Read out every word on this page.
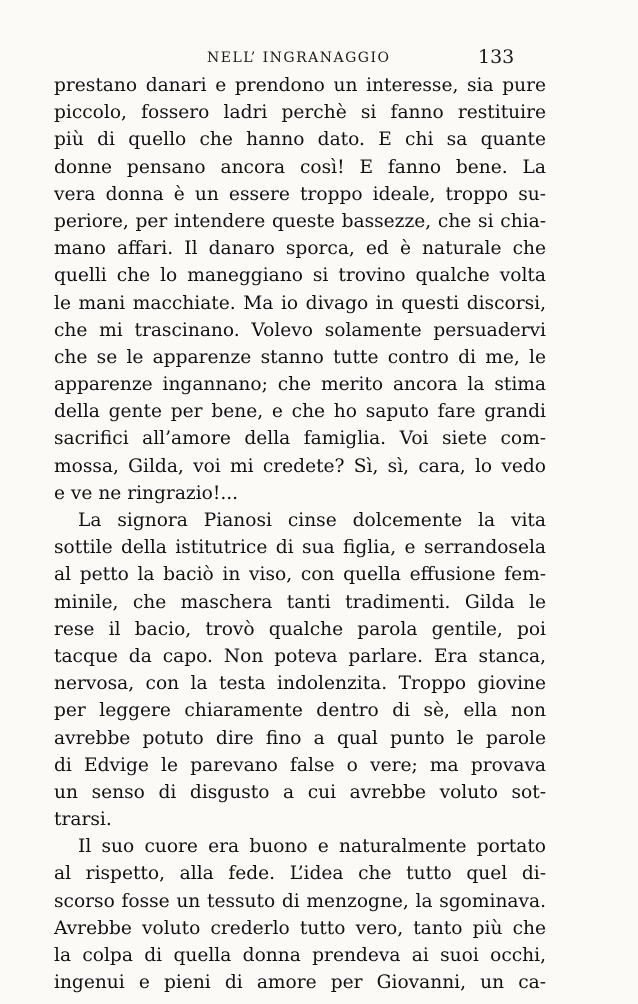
NELL’ INGRANAGGIO	133
prestano danari e prendono un interesse, sia pure
piccolo, fossero ladri perchè si fanno restituire
più di quello che hanno dato. E chi sa quante
donne pensano ancora così! E fanno bene. La
vera donna è un essere troppo ideale, troppo su-
periore, per intendere queste bassezze, che si chia-
mano affari. Il danaro sporca, ed è naturale che
quelli che lo maneggiano si trovino qualche volta
le mani macchiate. Ma io divago in questi discorsi,
che mi trascinano. Volevo solamente persuadervi
che se le apparenze stanno tutte contro di me, le
apparenze ingannano; che merito ancora la stima
della gente per bene, e che ho saputo fare grandi
sacrifici all’amore della famiglia. Voi siete com-
mossa, Gilda, voi mi credete? Sì, sì, cara, lo vedo
e ve ne ringrazio!...
La signora Pianosi cinse dolcemente la vita
sottile della istitutrice di sua figlia, e serrandosela
al petto la baciò in viso, con quella effusione fem-
minile, che maschera tanti tradimenti. Gilda le
rese il bacio, trovò qualche parola gentile, poi
tacque da capo. Non poteva parlare. Era stanca,
nervosa, con la testa indolenzita. Troppo giovine
per leggere chiaramente dentro di sè, ella non
avrebbe potuto dire fino a qual punto le parole
di Edvige le parevano false o vere; ma provava
un senso di disgusto a cui avrebbe voluto sot-
trarsi.
Il suo cuore era buono e naturalmente portato
al rispetto, alla fede. L’idea che tutto quel di-
scorso fosse un tessuto di menzogne, la sgominava.
Avrebbe voluto crederlo tutto vero, tanto più che
la colpa di quella donna prendeva ai suoi occhi,
ingenui e pieni di amore per Giovanni, un ca-
